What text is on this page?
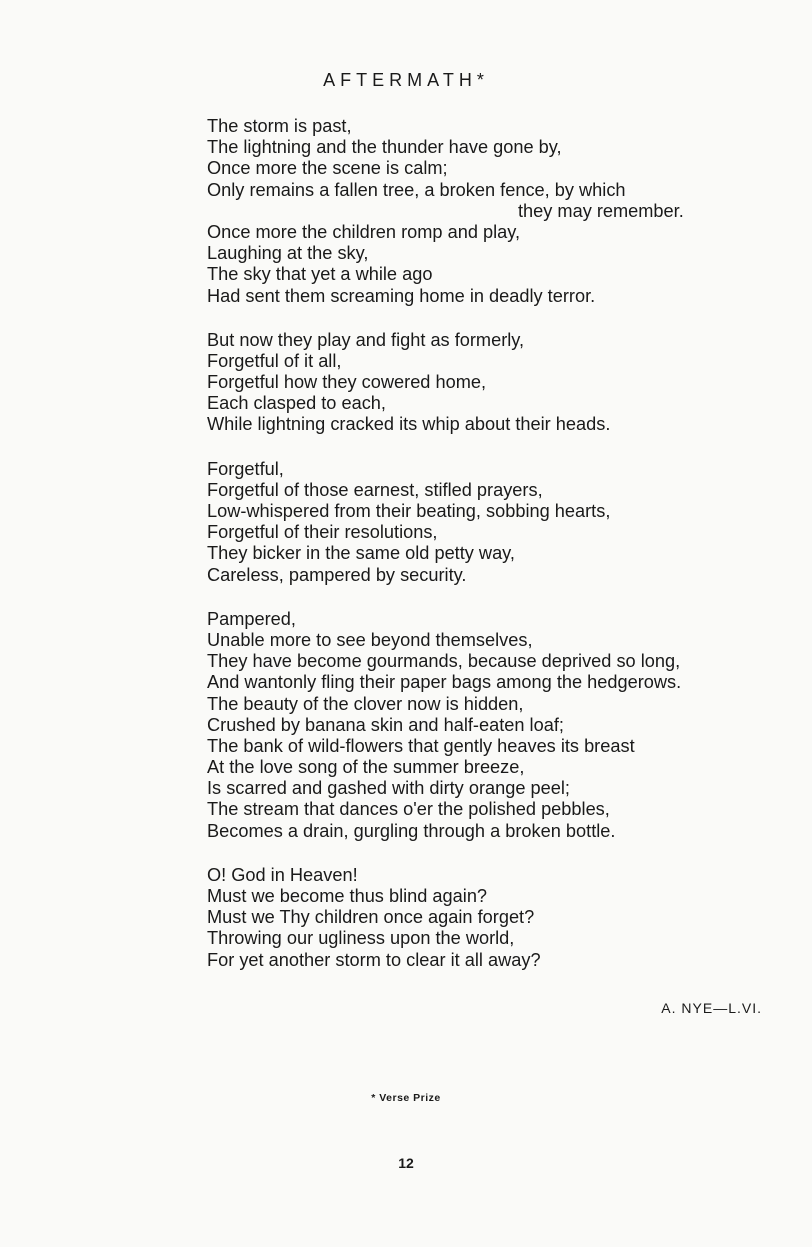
AFTERMATH*
The storm is past,
The lightning and the thunder have gone by,
Once more the scene is calm;
Only remains a fallen tree, a broken fence, by which
they may remember.
Once more the children romp and play,
Laughing at the sky,
The sky that yet a while ago
Had sent them screaming home in deadly terror.
But now they play and fight as formerly,
Forgetful of it all,
Forgetful how they cowered home,
Each clasped to each,
While lightning cracked its whip about their heads.
Forgetful,
Forgetful of those earnest, stifled prayers,
Low-whispered from their beating, sobbing hearts,
Forgetful of their resolutions,
They bicker in the same old petty way,
Careless, pampered by security.
Pampered,
Unable more to see beyond themselves,
They have become gourmands, because deprived so long,
And wantonly fling their paper bags among the hedgerows.
The beauty of the clover now is hidden,
Crushed by banana skin and half-eaten loaf;
The bank of wild-flowers that gently heaves its breast
At the love song of the summer breeze,
Is scarred and gashed with dirty orange peel;
The stream that dances o'er the polished pebbles,
Becomes a drain, gurgling through a broken bottle.
O! God in Heaven!
Must we become thus blind again?
Must we Thy children once again forget?
Throwing our ugliness upon the world,
For yet another storm to clear it all away?
A. NYE—L.VI.
* Verse Prize
12
